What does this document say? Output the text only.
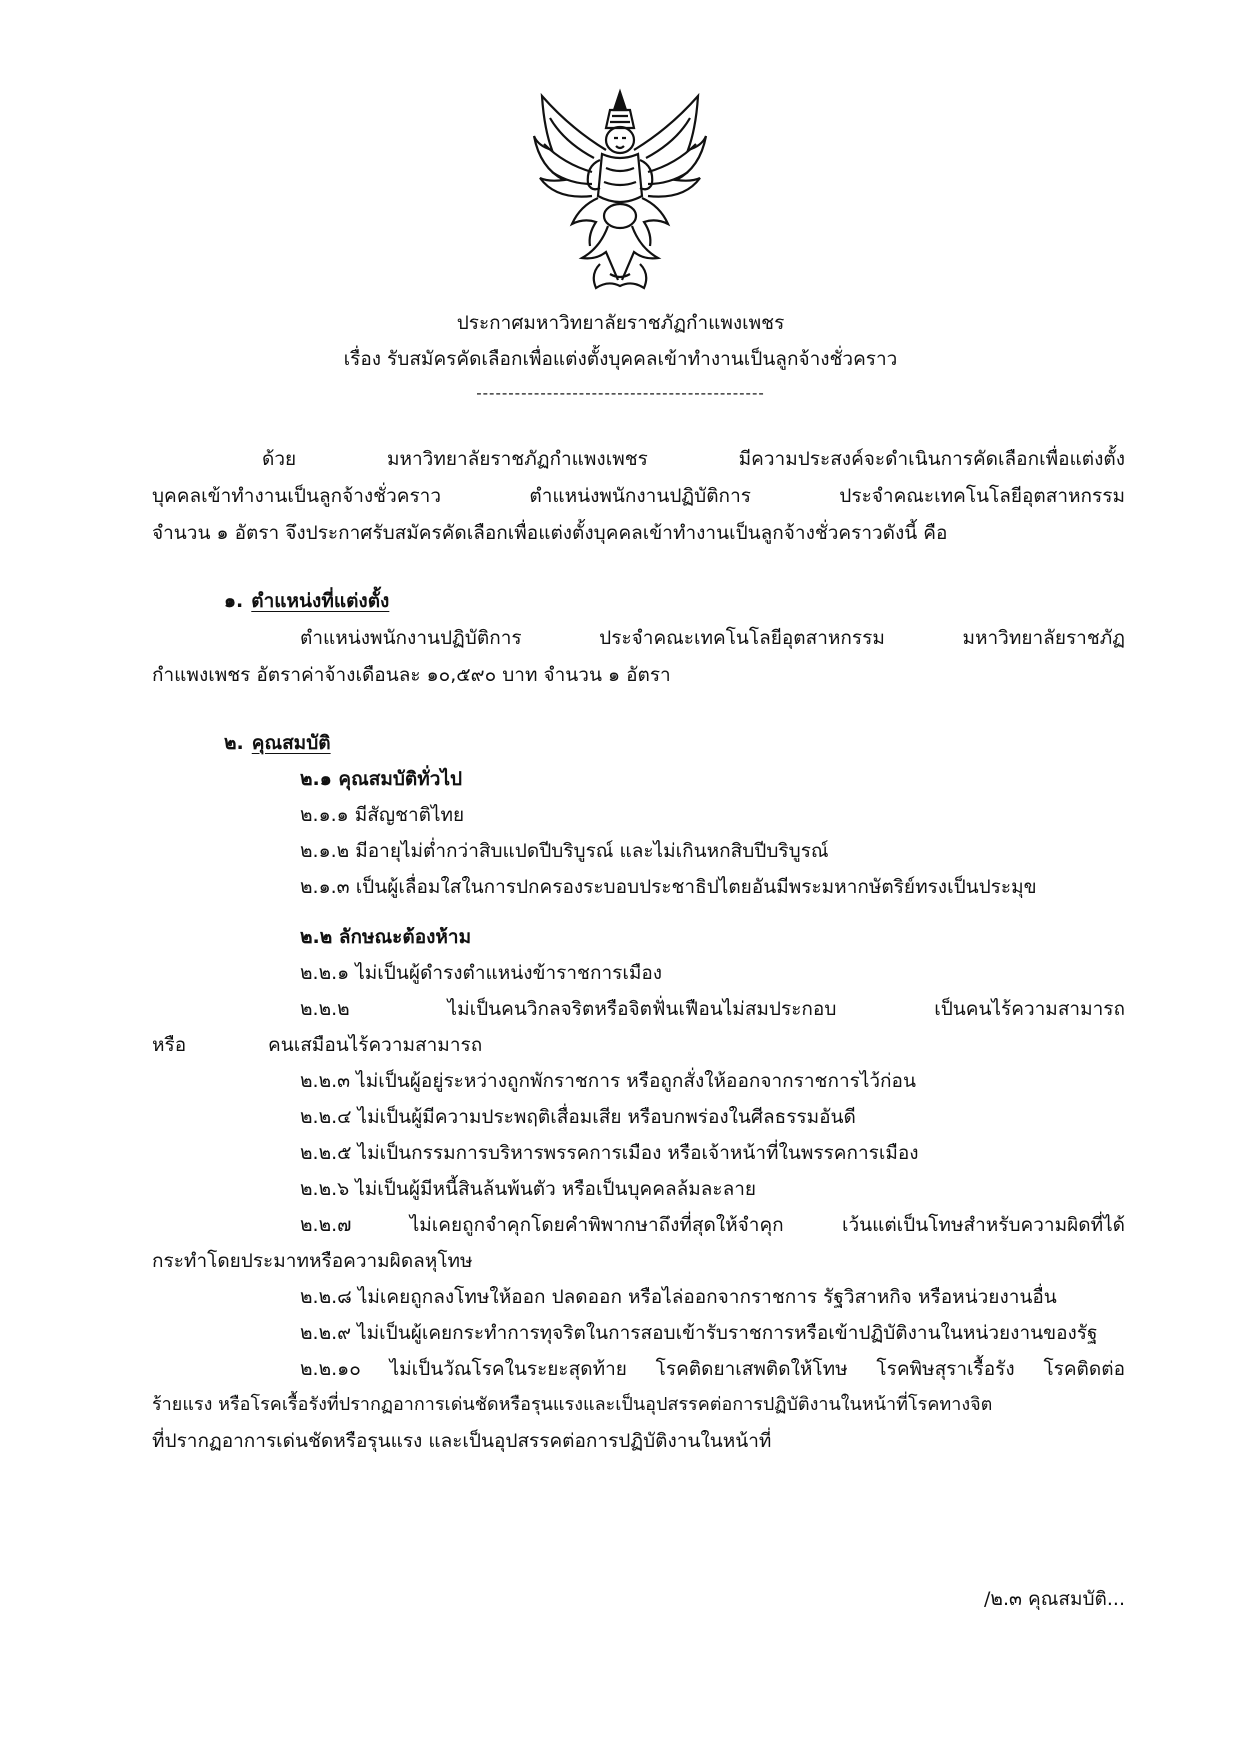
ประกาศมหาวิทยาลัยราชภัฏกำแพงเพชร
เรื่อง รับสมัครคัดเลือกเพื่อแต่งตั้งบุคคลเข้าทำงานเป็นลูกจ้างชั่วคราว
---------------------------------------------
ด้วย มหาวิทยาลัยราชภัฏกำแพงเพชร มีความประสงค์จะดำเนินการคัดเลือกเพื่อแต่งตั้ง
บุคคลเข้าทำงานเป็นลูกจ้างชั่วคราว ตำแหน่งพนักงานปฏิบัติการ ประจำคณะเทคโนโลยีอุตสาหกรรม
จำนวน ๑ อัตรา จึงประกาศรับสมัครคัดเลือกเพื่อแต่งตั้งบุคคลเข้าทำงานเป็นลูกจ้างชั่วคราวดังนี้ คือ
๑. ตำแหน่งที่แต่งตั้ง
ตำแหน่งพนักงานปฏิบัติการ ประจำคณะเทคโนโลยีอุตสาหกรรม มหาวิทยาลัยราชภัฏ
กำแพงเพชร อัตราค่าจ้างเดือนละ ๑๐,๕๙๐ บาท จำนวน ๑ อัตรา
๒. คุณสมบัติ
๒.๑ คุณสมบัติทั่วไป
๒.๑.๑ มีสัญชาติไทย
๒.๑.๒ มีอายุไม่ต่ำกว่าสิบแปดปีบริบูรณ์ และไม่เกินหกสิบปีบริบูรณ์
๒.๑.๓ เป็นผู้เลื่อมใสในการปกครองระบอบประชาธิปไตยอันมีพระมหากษัตริย์ทรงเป็นประมุข
๒.๒ ลักษณะต้องห้าม
๒.๒.๑ ไม่เป็นผู้ดำรงตำแหน่งข้าราชการเมือง
๒.๒.๒ ไม่เป็นคนวิกลจริตหรือจิตฟั่นเฟือนไม่สมประกอบ เป็นคนไร้ความสามารถ
หรือ	คนเสมือนไร้ความสามารถ
๒.๒.๓ ไม่เป็นผู้อยู่ระหว่างถูกพักราชการ หรือถูกสั่งให้ออกจากราชการไว้ก่อน
๒.๒.๔ ไม่เป็นผู้มีความประพฤติเสื่อมเสีย หรือบกพร่องในศีลธรรมอันดี
๒.๒.๕ ไม่เป็นกรรมการบริหารพรรคการเมือง หรือเจ้าหน้าที่ในพรรคการเมือง
๒.๒.๖ ไม่เป็นผู้มีหนี้สินล้นพ้นตัว หรือเป็นบุคคลล้มละลาย
๒.๒.๗ ไม่เคยถูกจำคุกโดยคำพิพากษาถึงที่สุดให้จำคุก เว้นแต่เป็นโทษสำหรับความผิดที่ได้
กระทำโดยประมาทหรือความผิดลหุโทษ
๒.๒.๘ ไม่เคยถูกลงโทษให้ออก ปลดออก หรือไล่ออกจากราชการ รัฐวิสาหกิจ หรือหน่วยงานอื่น
๒.๒.๙ ไม่เป็นผู้เคยกระทำการทุจริตในการสอบเข้ารับราชการหรือเข้าปฏิบัติงานในหน่วยงานของรัฐ
๒.๒.๑๐ ไม่เป็นวัณโรคในระยะสุดท้าย โรคติดยาเสพติดให้โทษ โรคพิษสุราเรื้อรัง โรคติดต่อ
ร้ายแรง หรือโรคเรื้อรังที่ปรากฏอาการเด่นชัดหรือรุนแรงและเป็นอุปสรรคต่อการปฏิบัติงานในหน้าที่โรคทางจิต
ที่ปรากฏอาการเด่นชัดหรือรุนแรง และเป็นอุปสรรคต่อการปฏิบัติงานในหน้าที่
/๒.๓ คุณสมบัติ...
